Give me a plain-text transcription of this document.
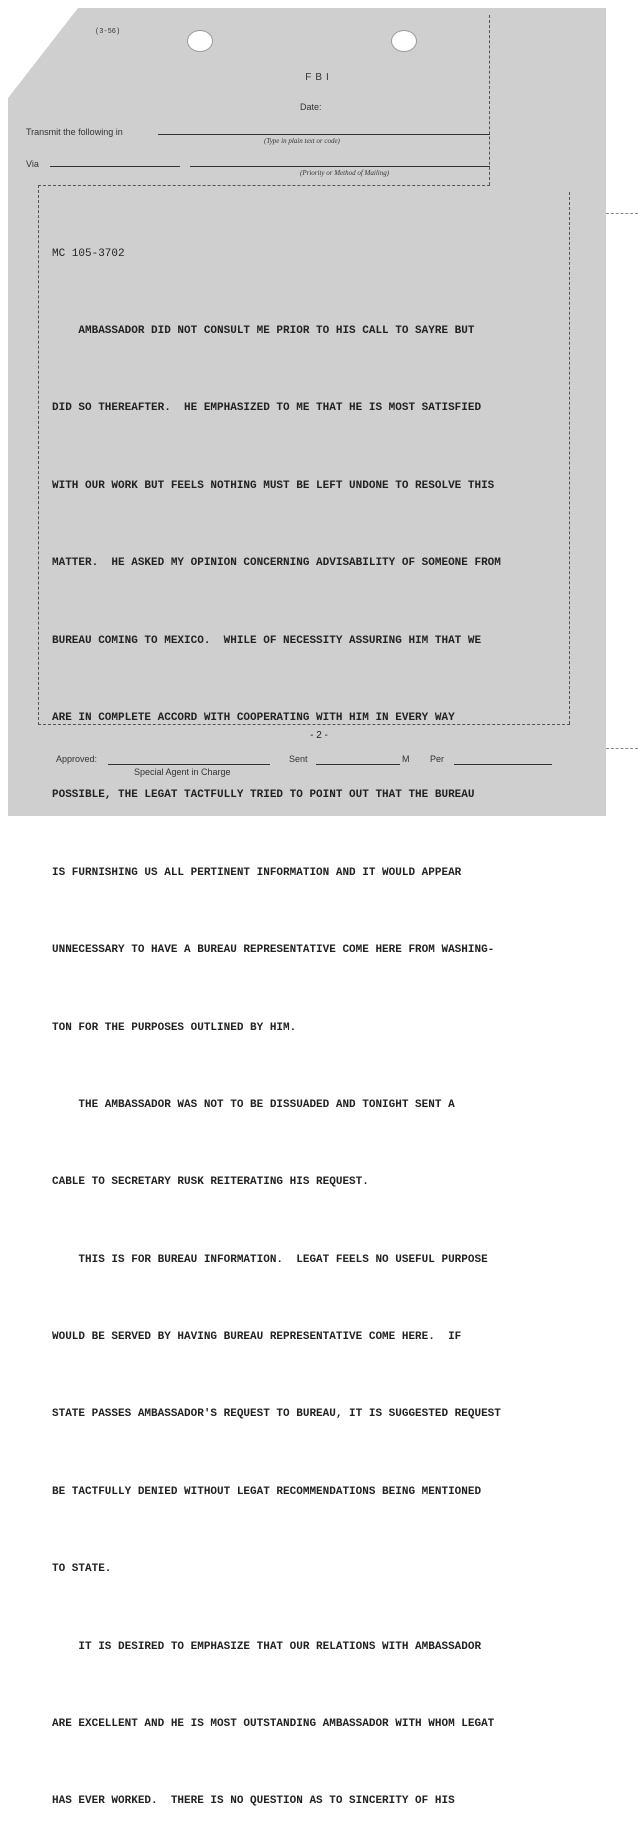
(3-56)
FBI
Date:
Transmit the following in
(Type in plain text or code)
Via
(Priority or Method of Mailing)

MC 105-3702

AMBASSADOR DID NOT CONSULT ME PRIOR TO HIS CALL TO SAYRE BUT

DID SO THEREAFTER.  HE EMPHASIZED TO ME THAT HE IS MOST SATISFIED

WITH OUR WORK BUT FEELS NOTHING MUST BE LEFT UNDONE TO RESOLVE THIS

MATTER.  HE ASKED MY OPINION CONCERNING ADVISABILITY OF SOMEONE FROM

BUREAU COMING TO MEXICO.  WHILE OF NECESSITY ASSURING HIM THAT WE

ARE IN COMPLETE ACCORD WITH COOPERATING WITH HIM IN EVERY WAY

POSSIBLE, THE LEGAT TACTFULLY TRIED TO POINT OUT THAT THE BUREAU

IS FURNISHING US ALL PERTINENT INFORMATION AND IT WOULD APPEAR

UNNECESSARY TO HAVE A BUREAU REPRESENTATIVE COME HERE FROM WASHING-

TON FOR THE PURPOSES OUTLINED BY HIM.

THE AMBASSADOR WAS NOT TO BE DISSUADED AND TONIGHT SENT A

CABLE TO SECRETARY RUSK REITERATING HIS REQUEST.

THIS IS FOR BUREAU INFORMATION.  LEGAT FEELS NO USEFUL PURPOSE

WOULD BE SERVED BY HAVING BUREAU REPRESENTATIVE COME HERE.  IF

STATE PASSES AMBASSADOR'S REQUEST TO BUREAU, IT IS SUGGESTED REQUEST

BE TACTFULLY DENIED WITHOUT LEGAT RECOMMENDATIONS BEING MENTIONED

TO STATE.

IT IS DESIRED TO EMPHASIZE THAT OUR RELATIONS WITH AMBASSADOR

ARE EXCELLENT AND HE IS MOST OUTSTANDING AMBASSADOR WITH WHOM LEGAT

HAS EVER WORKED.  THERE IS NO QUESTION AS TO SINCERITY OF HIS

- 2 -
Approved:
Special Agent in Charge
Sent	M Per
